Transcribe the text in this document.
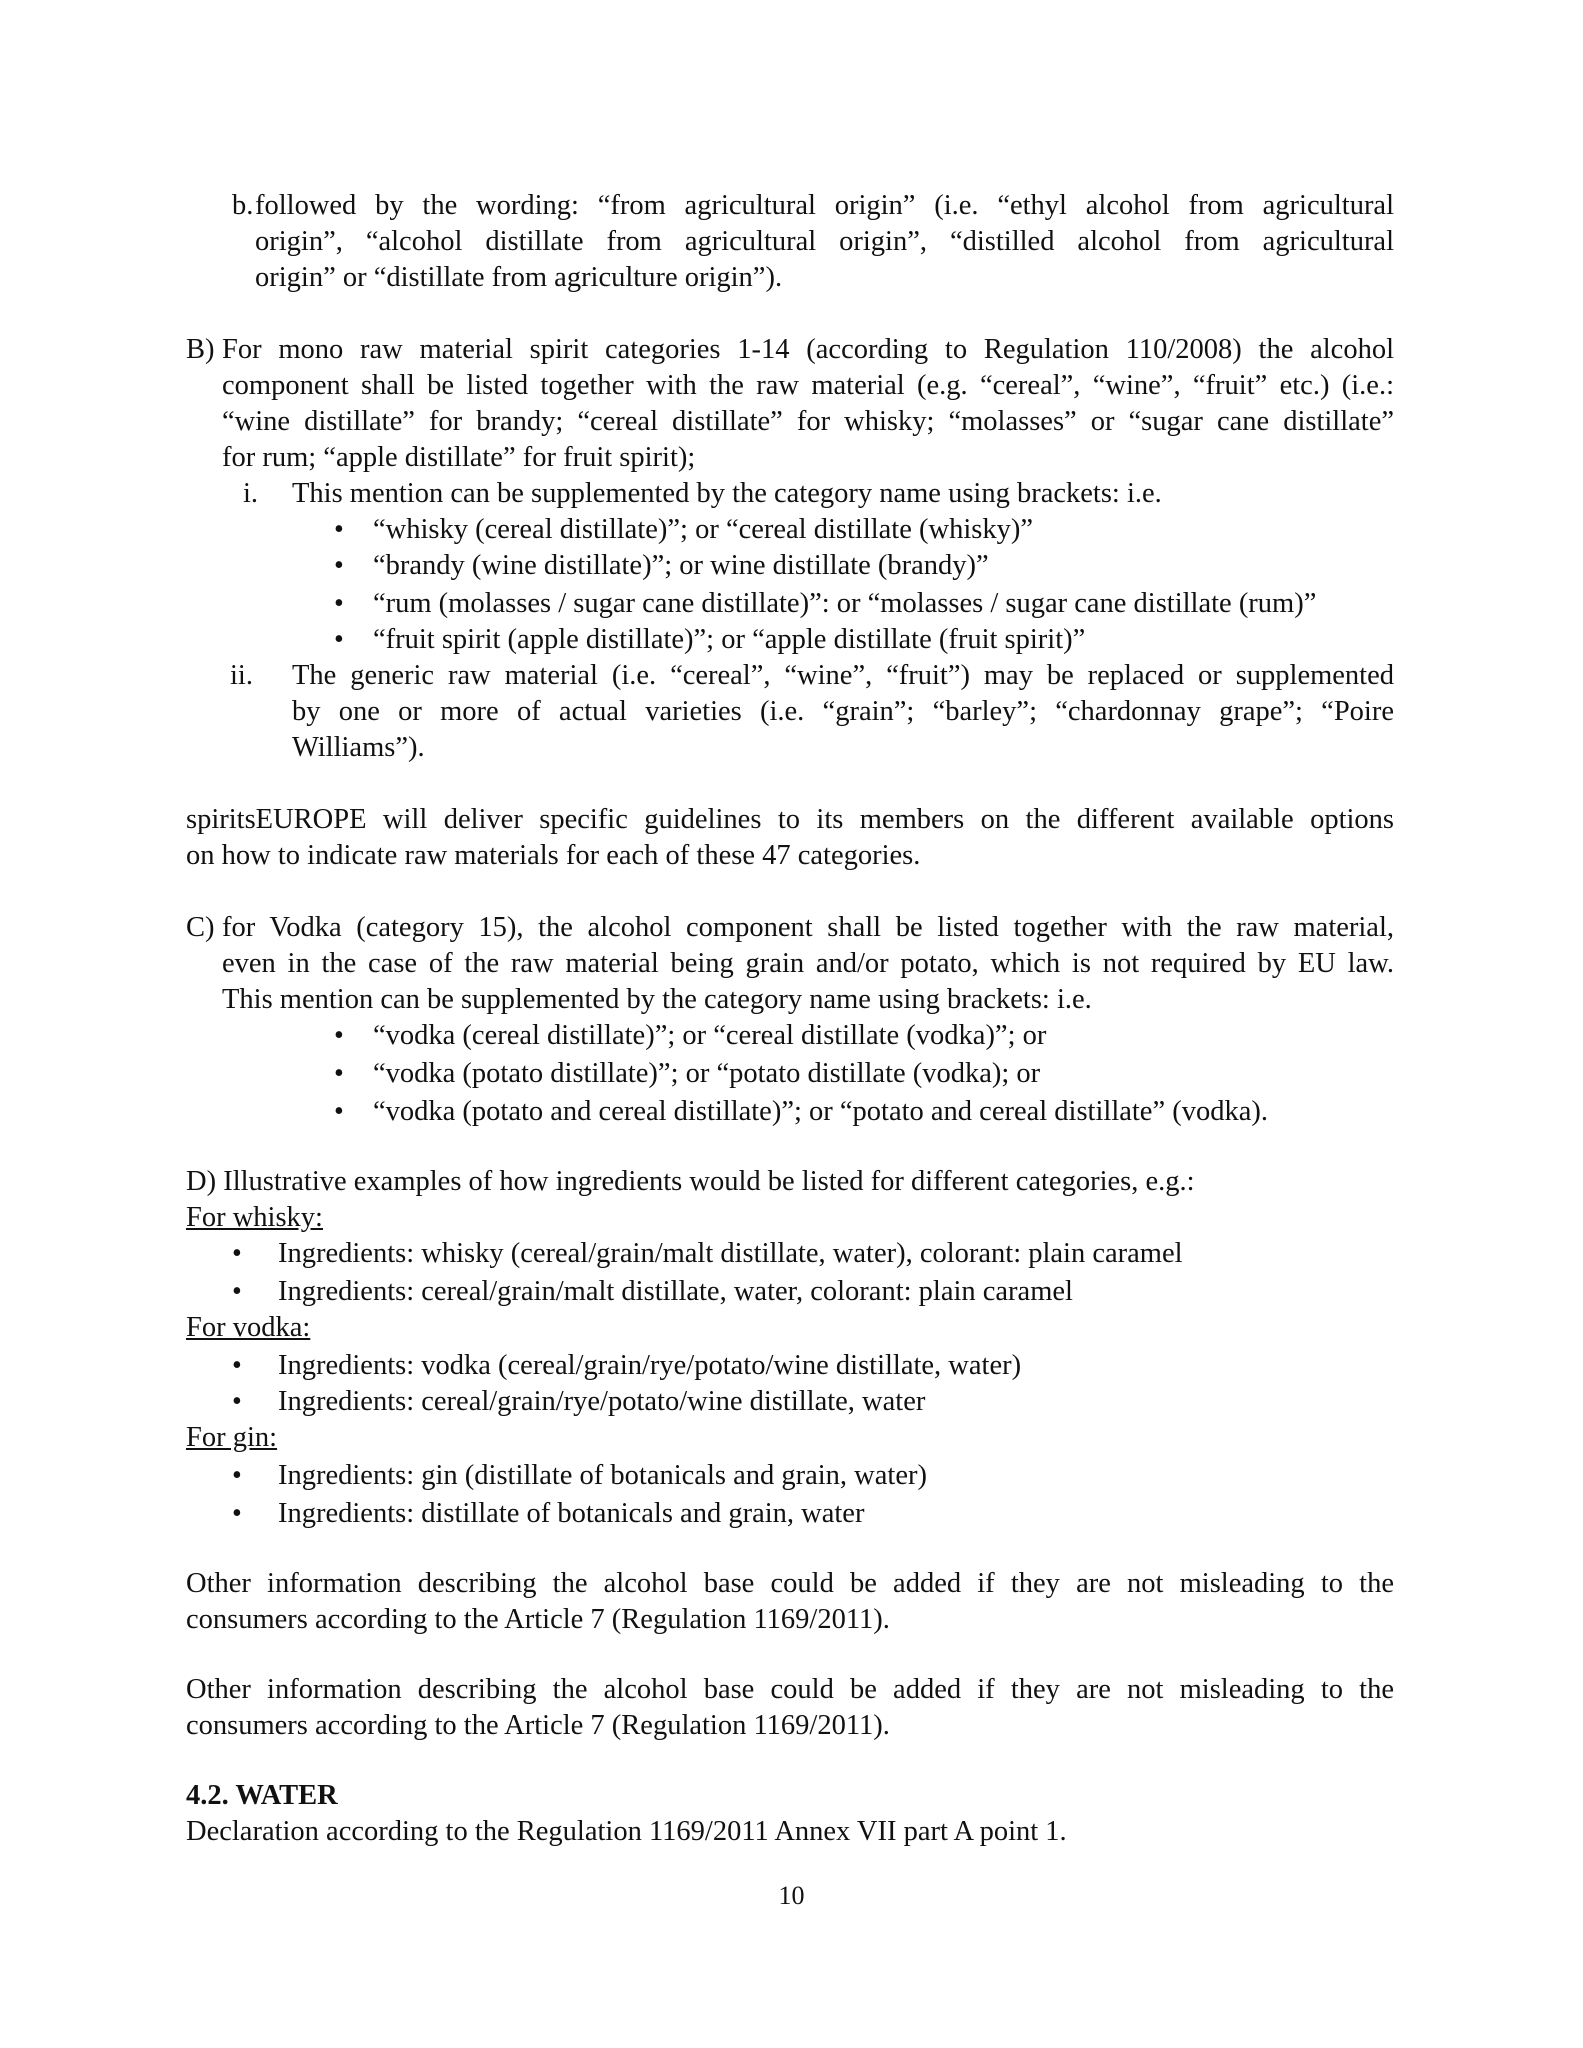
b. followed by the wording: “from agricultural origin” (i.e. “ethyl alcohol from agricultural
origin”, “alcohol distillate from agricultural origin”, “distilled alcohol from agricultural
origin” or “distillate from agriculture origin”).
B) For mono raw material spirit categories 1-14 (according to Regulation 110/2008) the alcohol
component shall be listed together with the raw material (e.g. “cereal”, “wine”, “fruit” etc.) (i.e.:
“wine distillate” for brandy; “cereal distillate” for whisky; “molasses” or “sugar cane distillate”
for rum; “apple distillate” for fruit spirit);
i. This mention can be supplemented by the category name using brackets: i.e.
• “whisky (cereal distillate)”; or “cereal distillate (whisky)”
• “brandy (wine distillate)”; or wine distillate (brandy)”
• “rum (molasses / sugar cane distillate)”: or “molasses / sugar cane distillate (rum)”
• “fruit spirit (apple distillate)”; or “apple distillate (fruit spirit)”
ii. The generic raw material (i.e. “cereal”, “wine”, “fruit”) may be replaced or supplemented
by one or more of actual varieties (i.e. “grain”; “barley”; “chardonnay grape”; “Poire
Williams”).
spiritsEUROPE will deliver specific guidelines to its members on the different available options
on how to indicate raw materials for each of these 47 categories.
C) for Vodka (category 15), the alcohol component shall be listed together with the raw material,
even in the case of the raw material being grain and/or potato, which is not required by EU law.
This mention can be supplemented by the category name using brackets: i.e.
• “vodka (cereal distillate)”; or “cereal distillate (vodka)”; or
• “vodka (potato distillate)”; or “potato distillate (vodka); or
• “vodka (potato and cereal distillate)”; or “potato and cereal distillate” (vodka).
D) Illustrative examples of how ingredients would be listed for different categories, e.g.:
For whisky:
• Ingredients: whisky (cereal/grain/malt distillate, water), colorant: plain caramel
• Ingredients: cereal/grain/malt distillate, water, colorant: plain caramel
For vodka:
• Ingredients: vodka (cereal/grain/rye/potato/wine distillate, water)
• Ingredients: cereal/grain/rye/potato/wine distillate, water
For gin:
• Ingredients: gin (distillate of botanicals and grain, water)
• Ingredients: distillate of botanicals and grain, water
Other information describing the alcohol base could be added if they are not misleading to the
consumers according to the Article 7 (Regulation 1169/2011).
Other information describing the alcohol base could be added if they are not misleading to the
consumers according to the Article 7 (Regulation 1169/2011).
4.2. WATER
Declaration according to the Regulation 1169/2011 Annex VII part A point 1.
10
